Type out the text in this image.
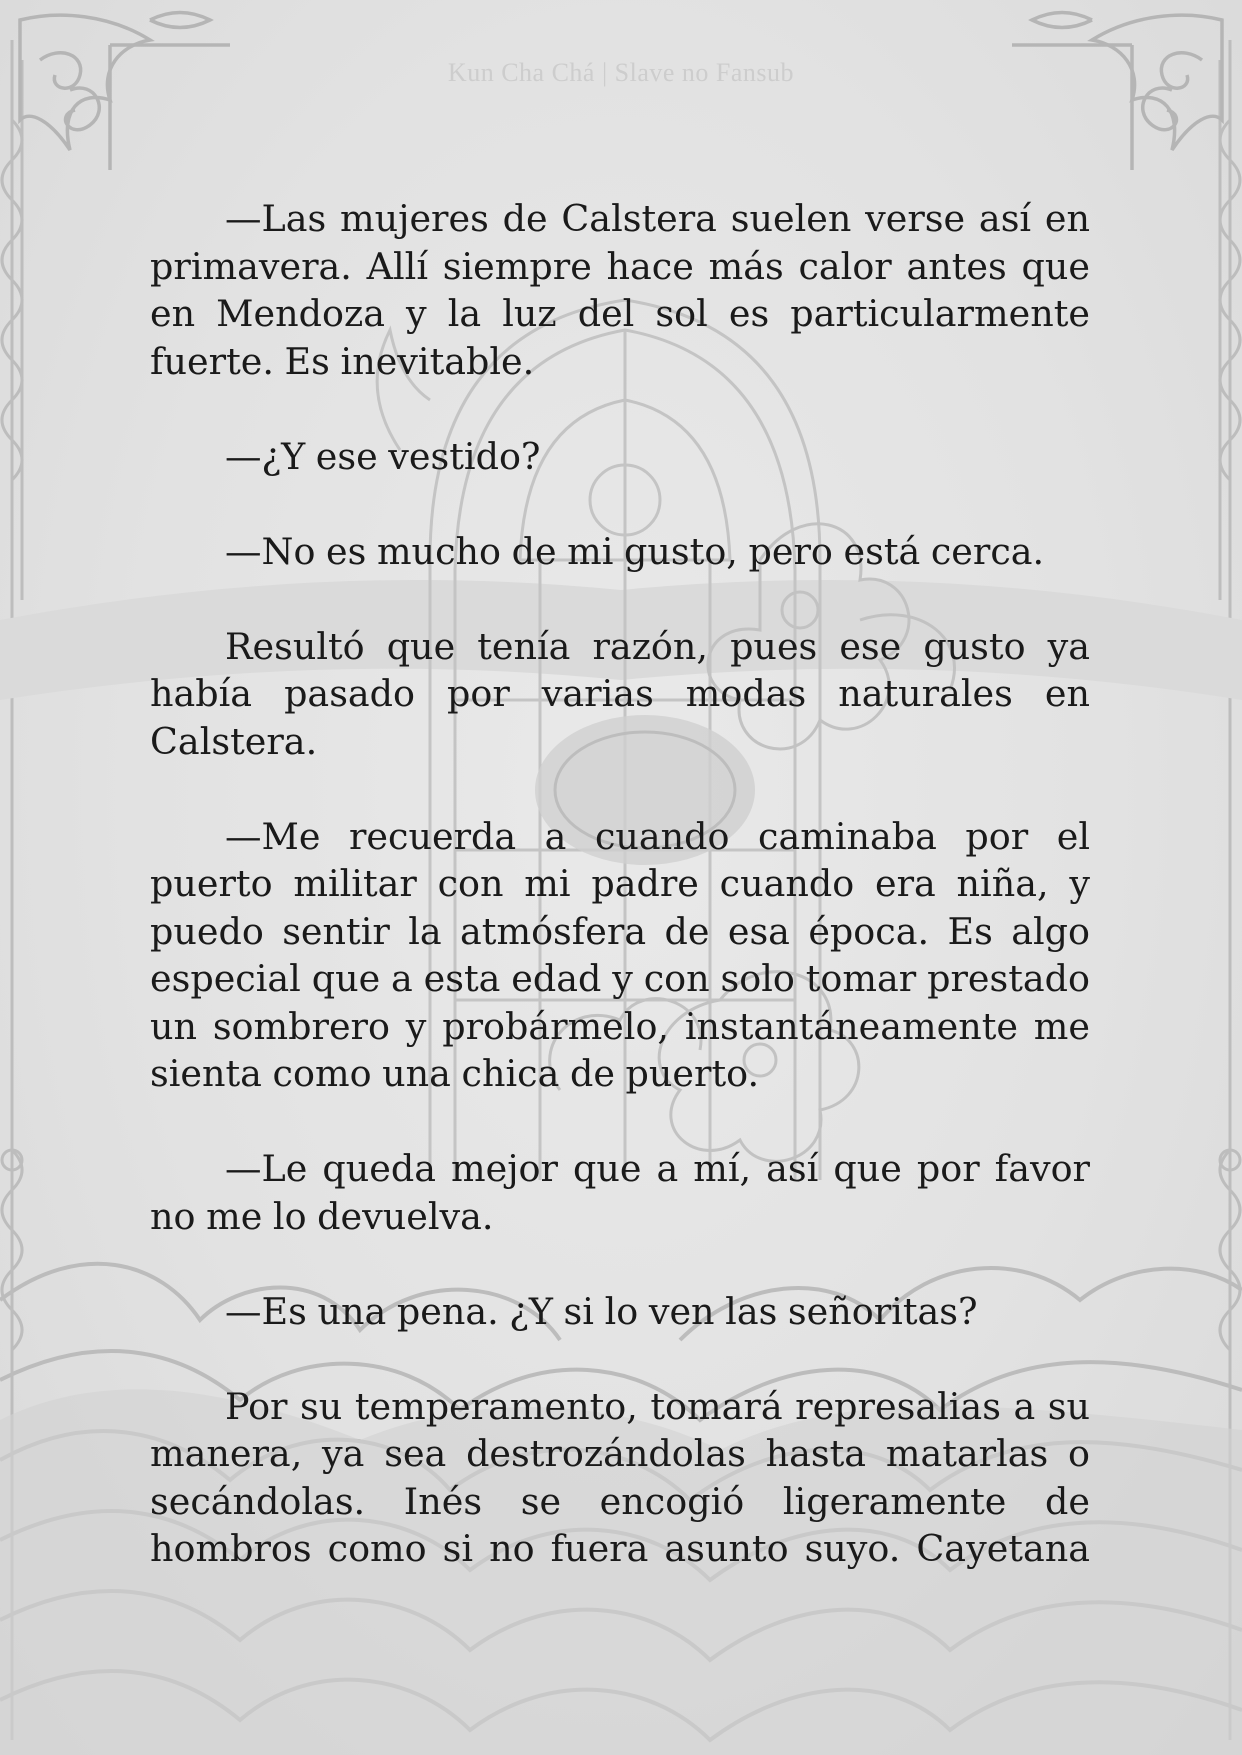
Kun Cha Chá | Slave no Fansub

—Las mujeres de Calstera suelen verse así en primavera. Allí siempre hace más calor antes que en Mendoza y la luz del sol es particularmente fuerte. Es inevitable.

—¿Y ese vestido?

—No es mucho de mi gusto, pero está cerca.

Resultó que tenía razón, pues ese gusto ya había pasado por varias modas naturales en Calstera.

—Me recuerda a cuando caminaba por el puerto militar con mi padre cuando era niña, y puedo sentir la atmósfera de esa época. Es algo especial que a esta edad y con solo tomar prestado un sombrero y probármelo, instantáneamente me sienta como una chica de puerto.

—Le queda mejor que a mí, así que por favor no me lo devuelva.

—Es una pena. ¿Y si lo ven las señoritas?

Por su temperamento, tomará represalias a su manera, ya sea destrozándolas hasta matarlas o secándolas. Inés se encogió ligeramente de hombros como si no fuera asunto suyo. Cayetana
